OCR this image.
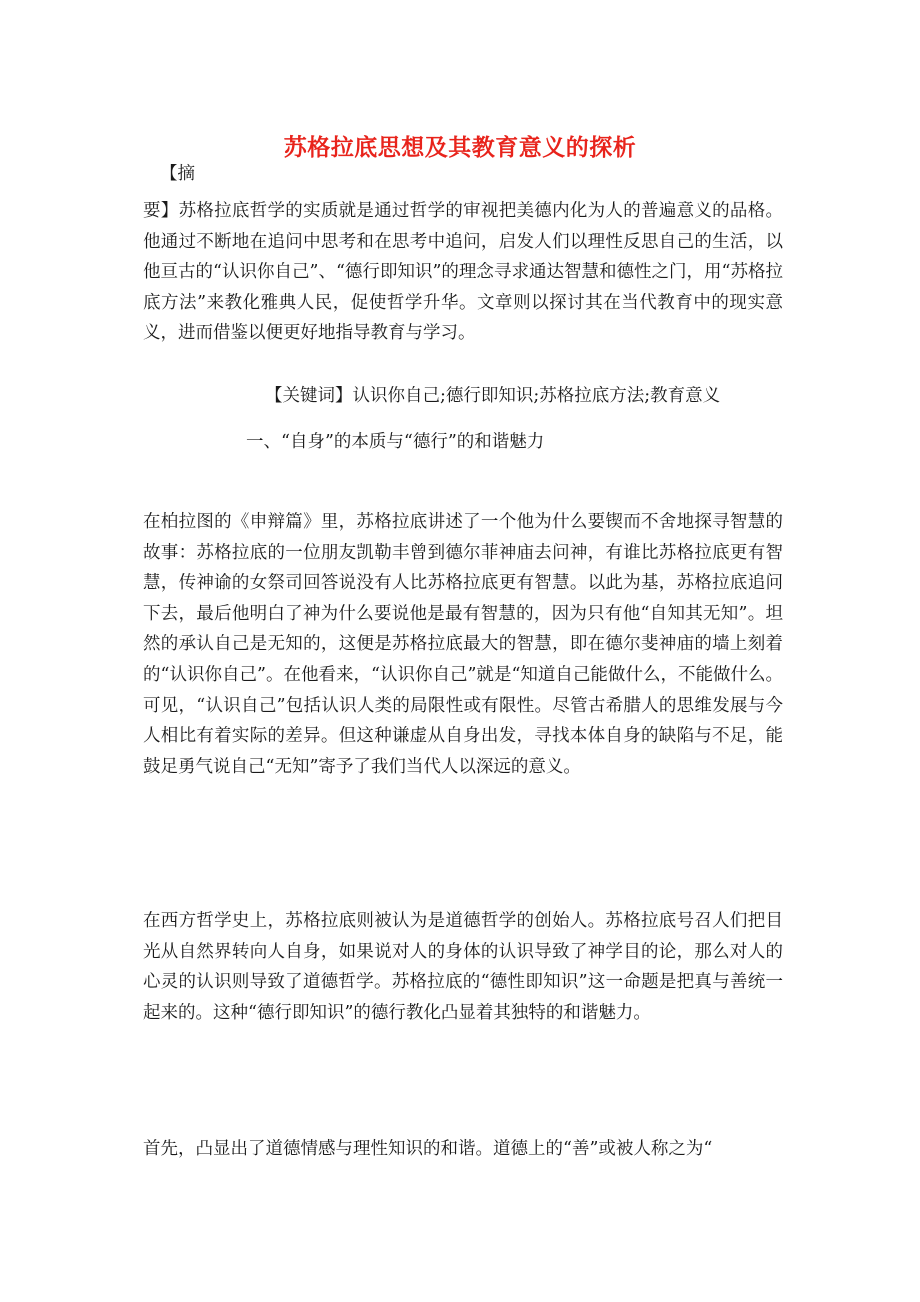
苏格拉底思想及其教育意义的探析

【摘

要】苏格拉底哲学的实质就是通过哲学的审视把美德内化为人的普遍意义的品格。他通过不断地在追问中思考和在思考中追问，启发人们以理性反思自己的生活，以他亘古的“认识你自己”、“德行即知识”的理念寻求通达智慧和德性之门，用“苏格拉底方法”来教化雅典人民，促使哲学升华。文章则以探讨其在当代教育中的现实意义，进而借鉴以便更好地指导教育与学习。

【关键词】认识你自己;德行即知识;苏格拉底方法;教育意义

一、“自身”的本质与“德行”的和谐魅力

在柏拉图的《申辩篇》里，苏格拉底讲述了一个他为什么要锲而不舍地探寻智慧的故事：苏格拉底的一位朋友凯勒丰曾到德尔菲神庙去问神，有谁比苏格拉底更有智慧，传神谕的女祭司回答说没有人比苏格拉底更有智慧。以此为基，苏格拉底追问下去，最后他明白了神为什么要说他是最有智慧的，因为只有他“自知其无知”。坦然的承认自己是无知的，这便是苏格拉底最大的智慧，即在德尔斐神庙的墙上刻着的“认识你自己”。在他看来，“认识你自己”就是“知道自己能做什么，不能做什么。可见，“认识自己”包括认识人类的局限性或有限性。尽管古希腊人的思维发展与今人相比有着实际的差异。但这种谦虚从自身出发，寻找本体自身的缺陷与不足，能鼓足勇气说自己“无知”寄予了我们当代人以深远的意义。

在西方哲学史上，苏格拉底则被认为是道德哲学的创始人。苏格拉底号召人们把目光从自然界转向人自身，如果说对人的身体的认识导致了神学目的论，那么对人的心灵的认识则导致了道德哲学。苏格拉底的“德性即知识”这一命题是把真与善统一起来的。这种“德行即知识”的德行教化凸显着其独特的和谐魅力。

首先，凸显出了道德情感与理性知识的和谐。道德上的“善”或被人称之为“
